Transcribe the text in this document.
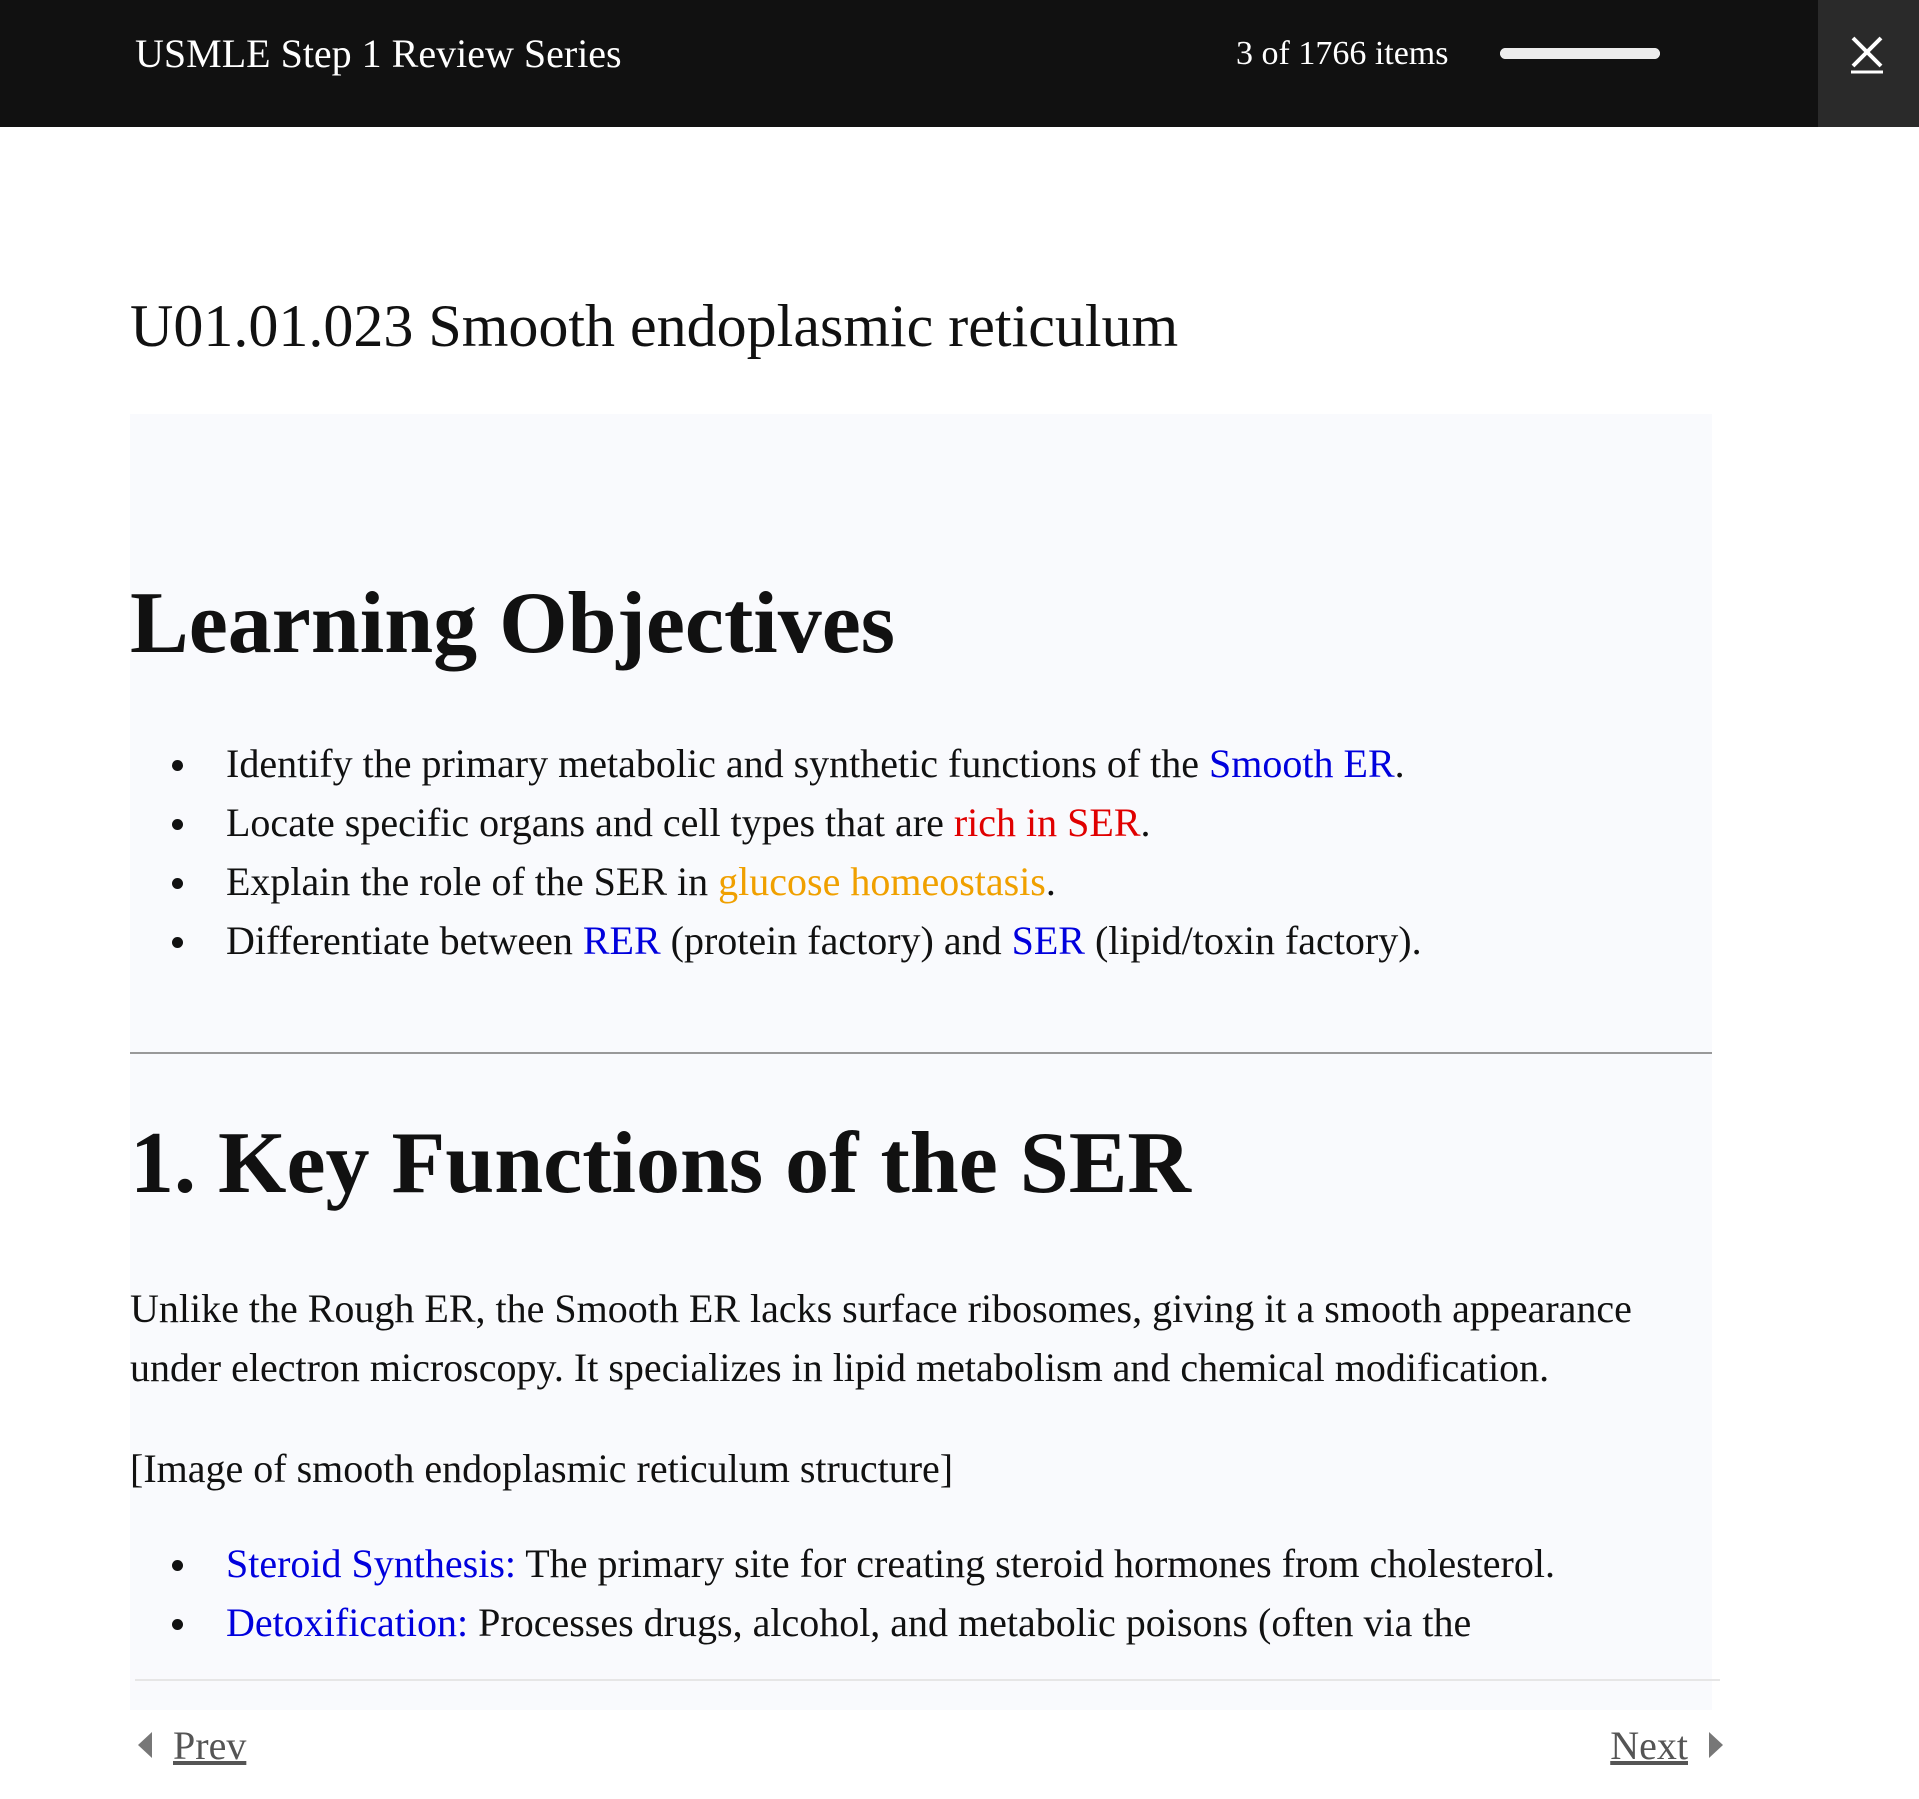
USMLE Step 1 Review Series	3 of 1766 items
U01.01.023 Smooth endoplasmic reticulum
Learning Objectives
Identify the primary metabolic and synthetic functions of the Smooth ER.
Locate specific organs and cell types that are rich in SER.
Explain the role of the SER in glucose homeostasis.
Differentiate between RER (protein factory) and SER (lipid/toxin factory).
1. Key Functions of the SER

Unlike the Rough ER, the Smooth ER lacks surface ribosomes, giving it a smooth appearance under electron microscopy. It specializes in lipid metabolism and chemical modification.

[Image of smooth endoplasmic reticulum structure]

Steroid Synthesis: The primary site for creating steroid hormones from cholesterol.
Detoxification: Processes drugs, alcohol, and metabolic poisons (often via the
Prev	Next
